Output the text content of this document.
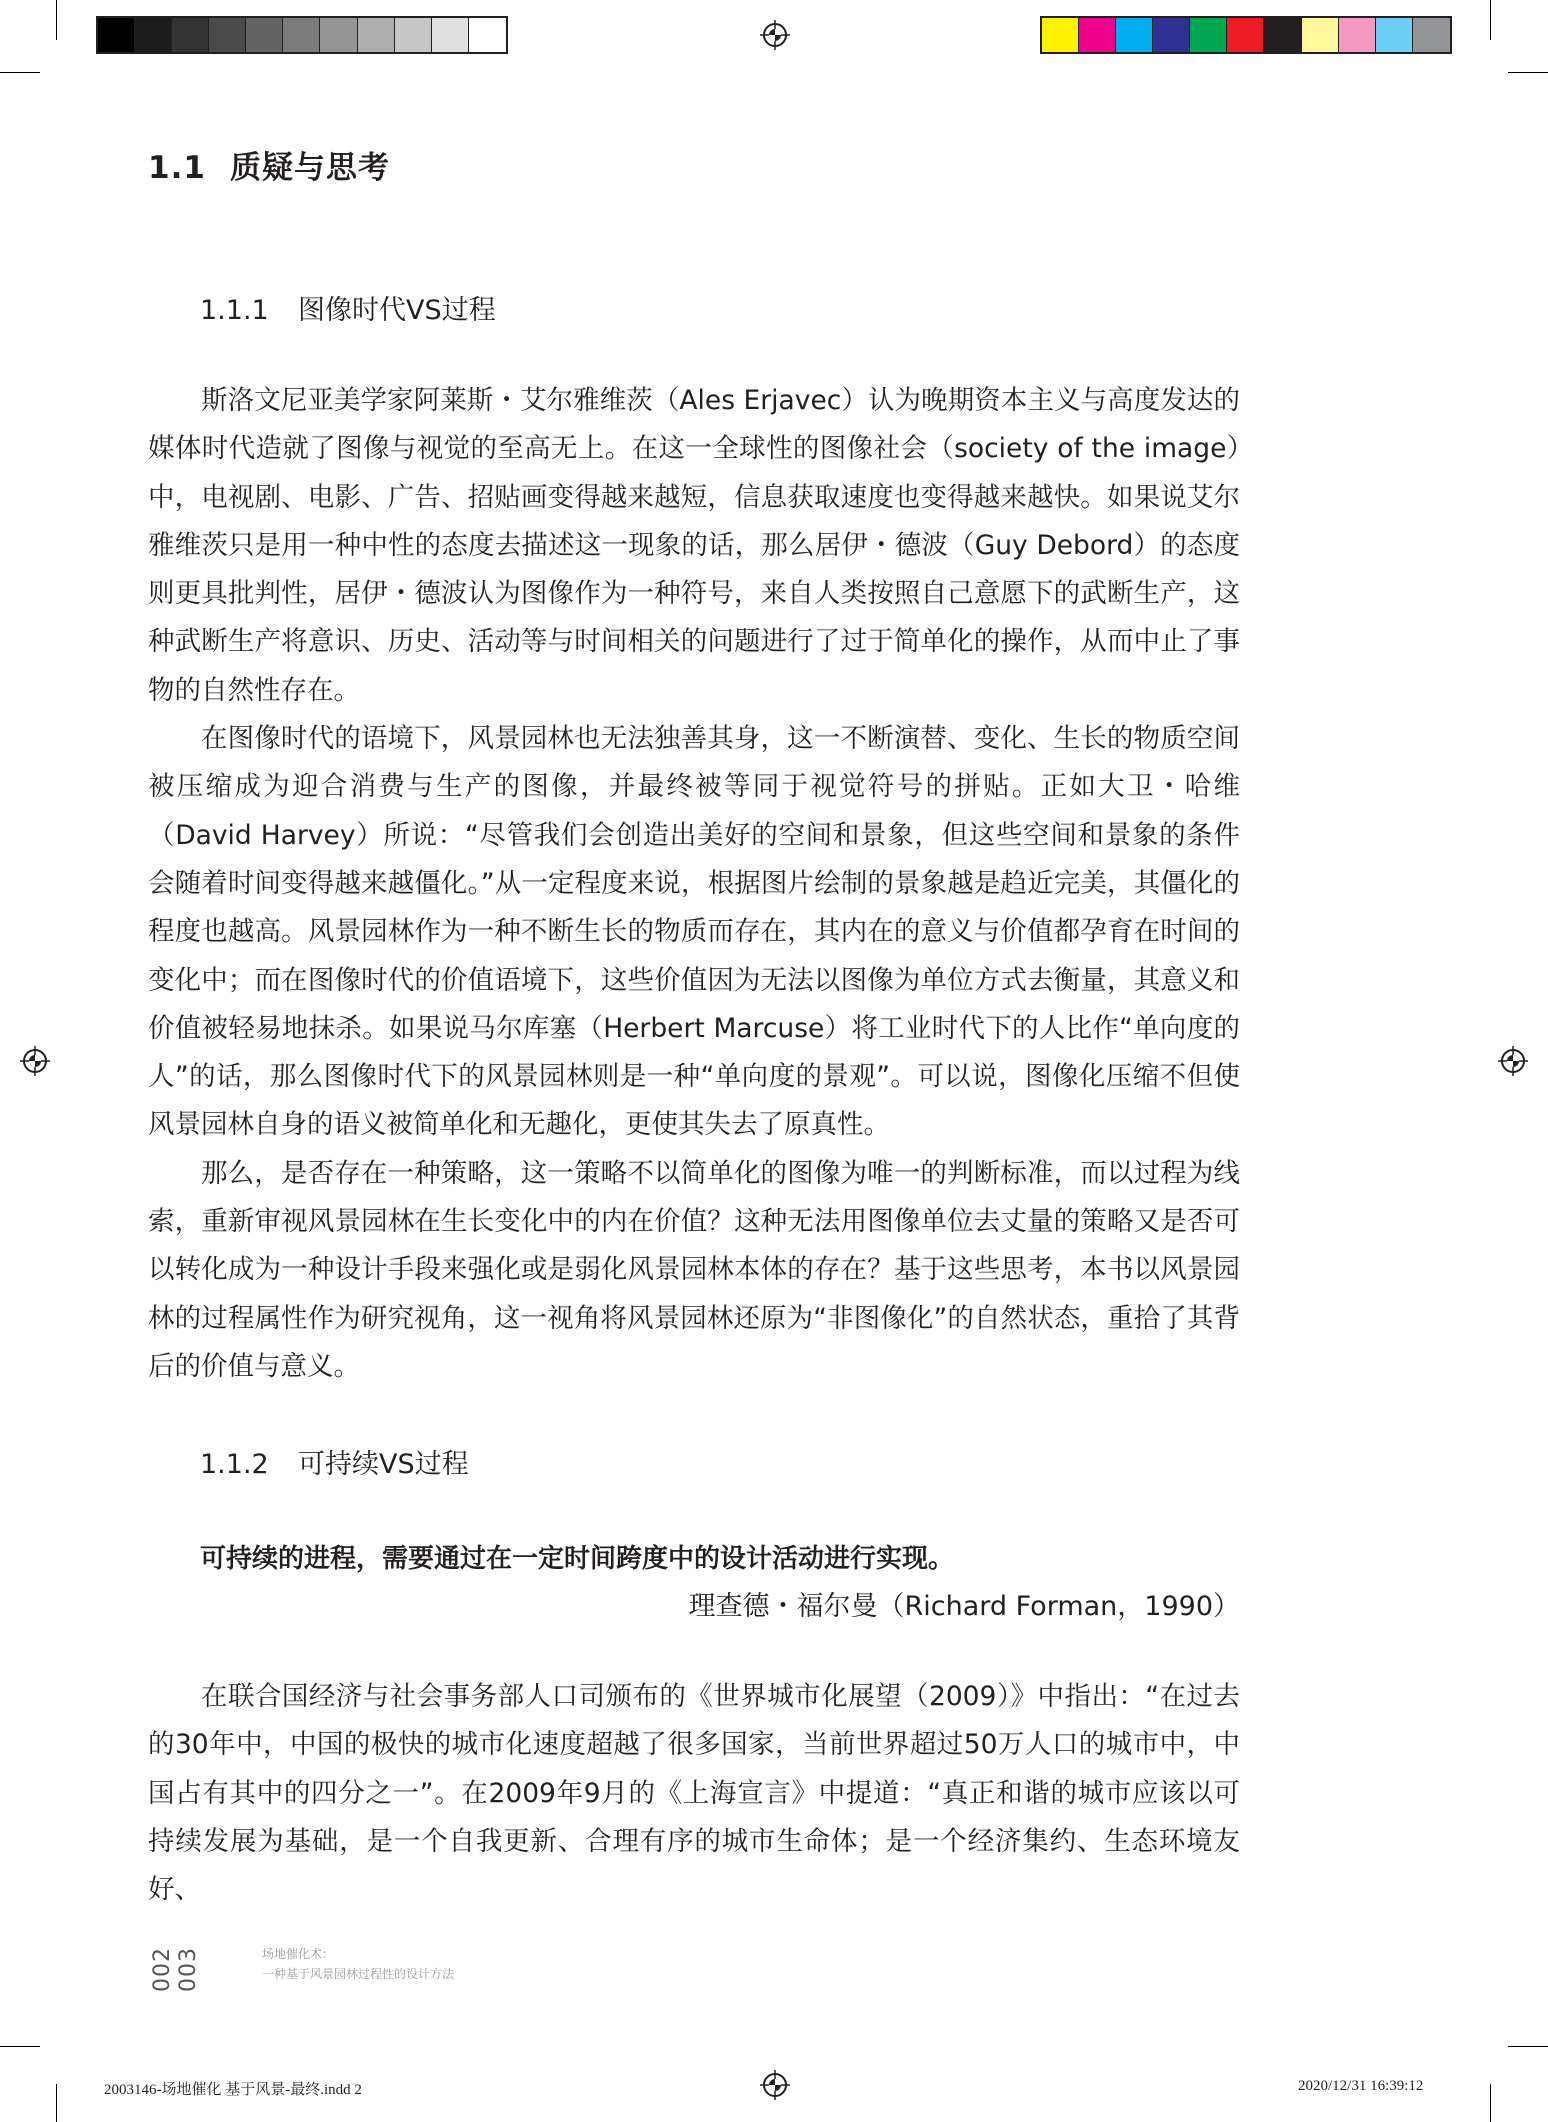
1.1 质疑与思考
1.1.1 图像时代VS过程

斯洛文尼亚美学家阿莱斯・艾尔雅维茨（Ales Erjavec）认为晚期资本主义与高度发达的媒体时代造就了图像与视觉的至高无上。在这一全球性的图像社会（society of the image）中，电视剧、电影、广告、招贴画变得越来越短，信息获取速度也变得越来越快。如果说艾尔雅维茨只是用一种中性的态度去描述这一现象的话，那么居伊・德波（Guy Debord）的态度则更具批判性，居伊・德波认为图像作为一种符号，来自人类按照自己意愿下的武断生产，这种武断生产将意识、历史、活动等与时间相关的问题进行了过于简单化的操作，从而中止了事物的自然性存在。

在图像时代的语境下，风景园林也无法独善其身，这一不断演替、变化、生长的物质空间被压缩成为迎合消费与生产的图像，并最终被等同于视觉符号的拼贴。正如大卫・哈维（David Harvey）所说：“尽管我们会创造出美好的空间和景象，但这些空间和景象的条件会随着时间变得越来越僵化。”从一定程度来说，根据图片绘制的景象越是趋近完美，其僵化的程度也越高。风景园林作为一种不断生长的物质而存在，其内在的意义与价值都孕育在时间的变化中；而在图像时代的价值语境下，这些价值因为无法以图像为单位方式去衡量，其意义和价值被轻易地抹杀。如果说马尔库塞（Herbert Marcuse）将工业时代下的人比作“单向度的人”的话，那么图像时代下的风景园林则是一种“单向度的景观”。可以说，图像化压缩不但使风景园林自身的语义被简单化和无趣化，更使其失去了原真性。

那么，是否存在一种策略，这一策略不以简单化的图像为唯一的判断标准，而以过程为线索，重新审视风景园林在生长变化中的内在价值？这种无法用图像单位去丈量的策略又是否可以转化成为一种设计手段来强化或是弱化风景园林本体的存在？基于这些思考，本书以风景园林的过程属性作为研究视角，这一视角将风景园林还原为“非图像化”的自然状态，重拾了其背后的价值与意义。

1.1.2 可持续VS过程
可持续的进程，需要通过在一定时间跨度中的设计活动进行实现。
理查德・福尔曼（Richard Forman，1990）

在联合国经济与社会事务部人口司颁布的《世界城市化展望（2009）》中指出：“在过去的30年中，中国的极快的城市化速度超越了很多国家，当前世界超过50万人口的城市中，中国占有其中的四分之一”。在2009年9月的《上海宣言》中提道：“真正和谐的城市应该以可持续发展为基础，是一个自我更新、合理有序的城市生命体；是一个经济集约、生态环境友好、

002 003	场地催化术：
一种基于风景园林过程性的设计方法
2003146-场地催化 基于风景-最终.indd 2	2020/12/31 16:39:12
